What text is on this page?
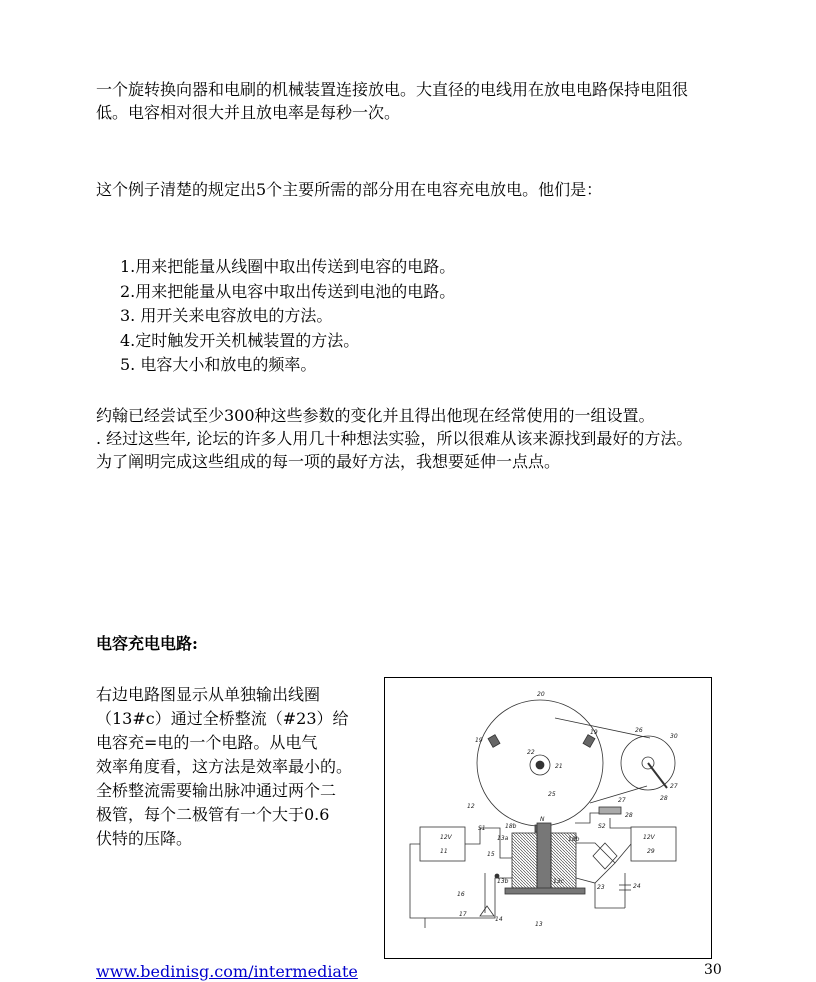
一个旋转换向器和电刷的机械装置连接放电。大直径的电线用在放电电路保持电阻很
低。电容相对很大并且放电率是每秒一次。
这个例子清楚的规定出5个主要所需的部分用在电容充电放电。他们是：
1.用来把能量从线圈中取出传送到电容的电路。
2.用来把能量从电容中取出传送到电池的电路。
3. 用开关来电容放电的方法。
4.定时触发开关机械装置的方法。
5. 电容大小和放电的频率。
约翰已经尝试至少300种这些参数的变化并且得出他现在经常使用的一组设置。
. 经过这些年, 论坛的许多人用几十种想法实验，所以很难从该来源找到最好的方法。
为了阐明完成这些组成的每一项的最好方法，我想要延伸一点点。
电容充电电路:
右边电路图显示从单独输出线圈
（13#c）通过全桥整流（#23）给
电容充=电的一个电路。从电气
效率角度看，这方法是效率最小的。
全桥整流需要输出脉冲通过两个二
极管，每个二极管有一个大于0.6
伏特的压降。
20
19
19
22
21
25
26
30
27
28
27
28
12
S1	S2
12V
11
12V
29
N
18b
18b
13a
13b	13c
15
16
17
14
13
23	24
www.bedinisg.com/intermediate	30
